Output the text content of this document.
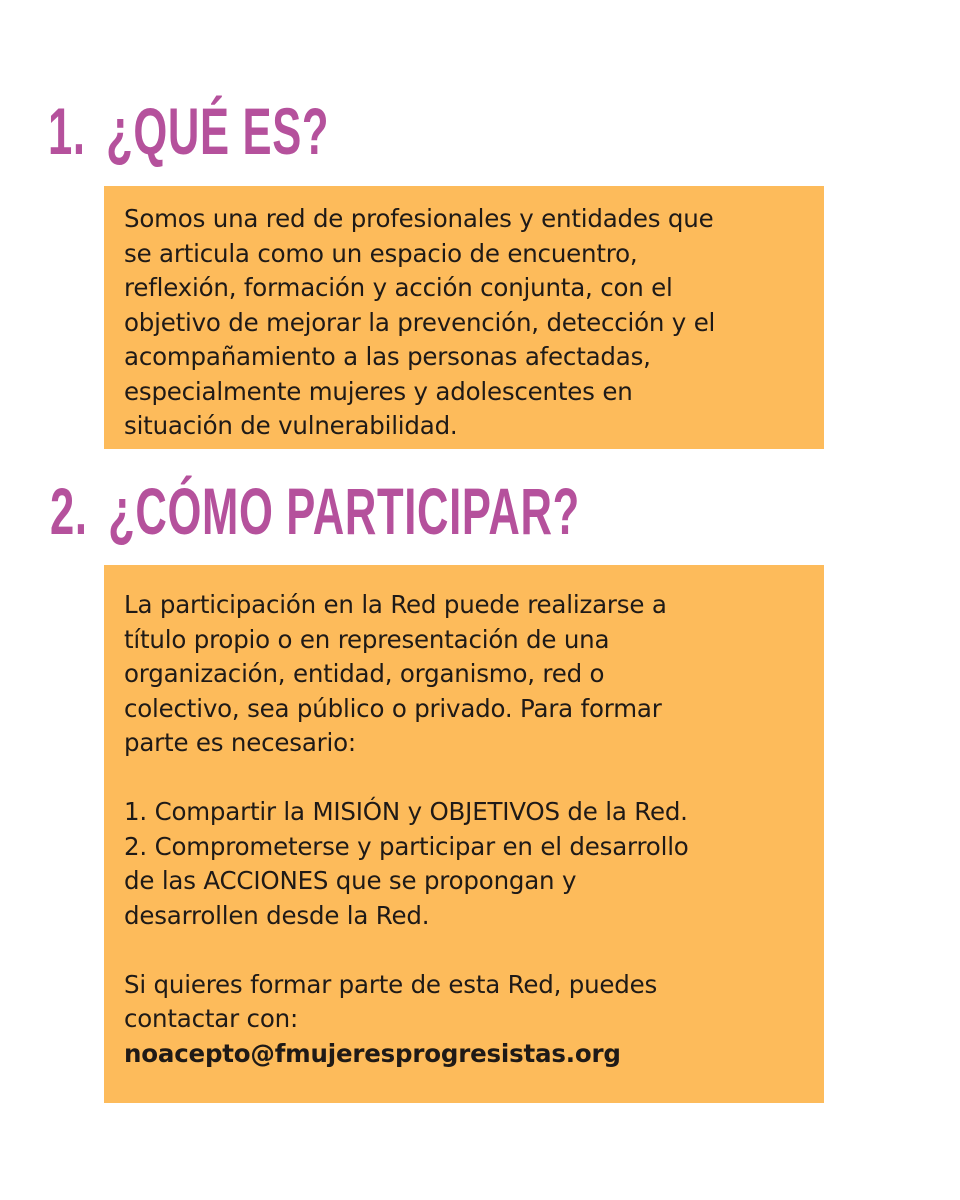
1. ¿QUÉ ES?

Somos una red de profesionales y entidades que
se articula como un espacio de encuentro,
reflexión, formación y acción conjunta, con el
objetivo de mejorar la prevención, detección y el
acompañamiento a las personas afectadas,
especialmente mujeres y adolescentes en
situación de vulnerabilidad.

2. ¿CÓMO PARTICIPAR?

La participación en la Red puede realizarse a
título propio o en representación de una
organización, entidad, organismo, red o
colectivo, sea público o privado. Para formar
parte es necesario:

1. Compartir la MISIÓN y OBJETIVOS de la Red.
2. Comprometerse y participar en el desarrollo
de las ACCIONES que se propongan y
desarrollen desde la Red.

Si quieres formar parte de esta Red, puedes
contactar con:

noacepto@fmujeresprogresistas.org
